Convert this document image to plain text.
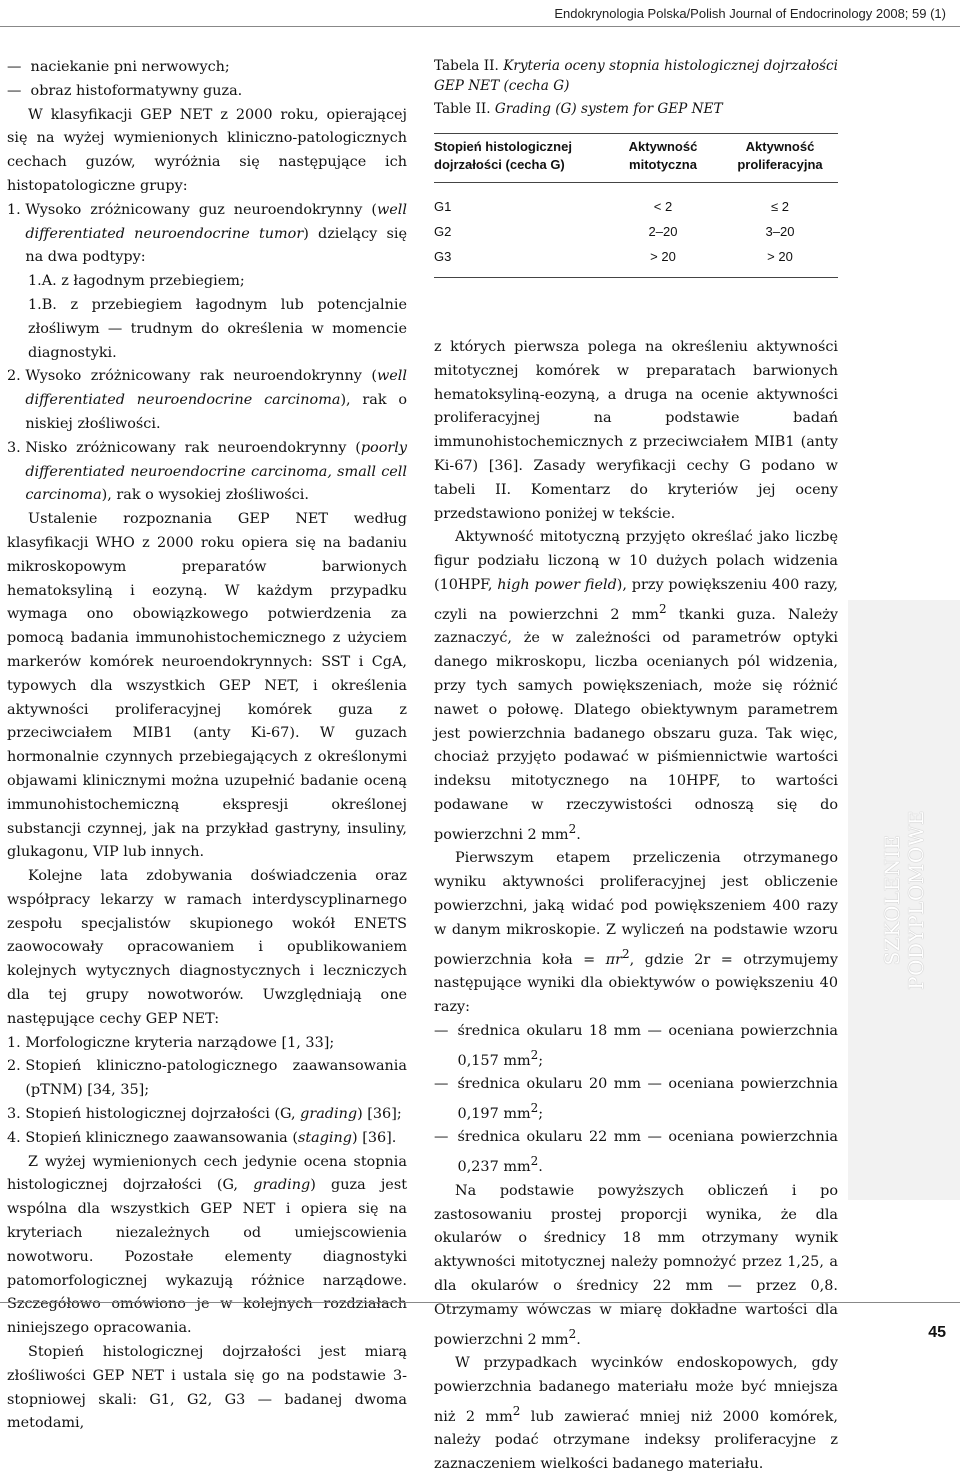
Endokrynologia Polska/Polish Journal of Endocrinology 2008; 59 (1)
— naciekanie pni nerwowych;
— obraz histoformatywny guza.

W klasyfikacji GEP NET z 2000 roku, opierającej się na wyżej wymienionych kliniczno-patologicznych cechach guzów, wyróżnia się następujące ich histopatologiczne grupy:

1.
Wysoko zróżnicowany guz neuroendokrynny (well differentiated neuroendocrine tumor) dzielący się na dwa podtypy:
1.A. z łagodnym przebiegiem;
1.B. z przebiegiem łagodnym lub potencjalnie złośliwym — trudnym do określenia w momencie diagnostyki.
2.
Wysoko zróżnicowany rak neuroendokrynny (well differentiated neuroendocrine carcinoma), rak o niskiej złośliwości.
3.
Nisko zróżnicowany rak neuroendokrynny (poorly differentiated neuroendocrine carcinoma, small cell carcinoma), rak o wysokiej złośliwości.

Ustalenie rozpoznania GEP NET według klasyfikacji WHO z 2000 roku opiera się na badaniu mikroskopowym preparatów barwionych hematoksyliną i eozyną. W każdym przypadku wymaga ono obowiązkowego potwierdzenia za pomocą badania immunohistochemicznego z użyciem markerów komórek neuroendokrynnych: SST i CgA, typowych dla wszystkich GEP NET, i określenia aktywności proliferacyjnej komórek guza z przeciwciałem MIB1 (anty Ki-67). W guzach hormonalnie czynnych przebiegających z określonymi objawami klinicznymi można uzupełnić badanie oceną immunohistochemiczną ekspresji określonej substancji czynnej, jak na przykład gastryny, insuliny, glukagonu, VIP lub innych.

Kolejne lata zdobywania doświadczenia oraz współpracy lekarzy w ramach interdyscyplinarnego zespołu specjalistów skupionego wokół ENETS zaowocowały opracowaniem i opublikowaniem kolejnych wytycznych diagnostycznych i leczniczych dla tej grupy nowotworów. Uwzględniają one następujące cechy GEP NET:

1.
Morfologiczne kryteria narządowe [1, 33];
2.
Stopień kliniczno-patologicznego zaawansowania (pTNM) [34, 35];
3.
Stopień histologicznej dojrzałości (G, grading) [36];
4.
Stopień klinicznego zaawansowania (staging) [36].

Z wyżej wymienionych cech jedynie ocena stopnia histologicznej dojrzałości (G, grading) guza jest wspólna dla wszystkich GEP NET i opiera się na kryteriach niezależnych od umiejscowienia nowotworu. Pozostałe elementy diagnostyki patomorfologicznej wykazują różnice narządowe. Szczegółowo omówiono je w kolejnych rozdziałach niniejszego opracowania.

Stopień histologicznej dojrzałości jest miarą złośliwości GEP NET i ustala się go na podstawie 3-stopniowej skali: G1, G2, G3 — badanej dwoma metodami,

Tabela II. Kryteria oceny stopnia histologicznej dojrzałości GEP NET (cecha G)

Table II. Grading (G) system for GEP NET

Stopień histologicznej dojrzałości (cecha G)	Aktywność mitotyczna	Aktywność proliferacyjna
G1	< 2	≤ 2
G2	2–20	3–20
G3	> 20	> 20

z których pierwsza polega na określeniu aktywności mitotycznej komórek w preparatach barwionych hematoksyliną-eozyną, a druga na ocenie aktywności proliferacyjnej na podstawie badań immunohistochemicznych z przeciwciałem MIB1 (anty Ki-67) [36]. Zasady weryfikacji cechy G podano w tabeli II. Komentarz do kryteriów jej oceny przedstawiono poniżej w tekście.

Aktywność mitotyczną przyjęto określać jako liczbę figur podziału liczoną w 10 dużych polach widzenia (10HPF, high power field), przy powiększeniu 400 razy, czyli na powierzchni 2 $mm^2$ tkanki guza. Należy zaznaczyć, że w zależności od parametrów optyki danego mikroskopu, liczba ocenianych pól widzenia, przy tych samych powiększeniach, może się różnić nawet o połowę. Dlatego obiektywnym parametrem jest powierzchnia badanego obszaru guza. Tak więc, chociaż przyjęto podawać w piśmiennictwie wartości indeksu mitotycznego na 10HPF, to wartości podawane w rzeczywistości odnoszą się do powierzchni 2 $mm^2$.

Pierwszym etapem przeliczenia otrzymanego wyniku aktywności proliferacyjnej jest obliczenie powierzchni, jaką widać pod powiększeniem 400 razy w danym mikroskopie. Z wyliczeń na podstawie wzoru powierzchnia koła = $\pi r^2$, gdzie 2r = otrzymujemy następujące wyniki dla obiektywów o powiększeniu 40 razy:

— średnica okularu 18 mm — oceniana powierzchnia 0,157 $mm^2$;
— średnica okularu 20 mm — oceniana powierzchnia 0,197 $mm^2$;
— średnica okularu 22 mm — oceniana powierzchnia 0,237 $mm^2$.

Na podstawie powyższych obliczeń i po zastosowaniu prostej proporcji wynika, że dla okularów o średnicy 18 mm otrzymany wynik aktywności mitotycznej należy pomnożyć przez 1,25, a dla okularów o średnicy 22 mm — przez 0,8. Otrzymamy wówczas w miarę dokładne wartości dla powierzchni 2 $mm^2$.

W przypadkach wycinków endoskopowych, gdy powierzchnia badanego materiału może być mniejsza niż 2 $mm^2$ lub zawierać mniej niż 2000 komórek, należy podać otrzymane indeksy proliferacyjne z zaznaczeniem wielkości badanego materiału.

SZKOLENIE
PODYPLOMOWE
45
